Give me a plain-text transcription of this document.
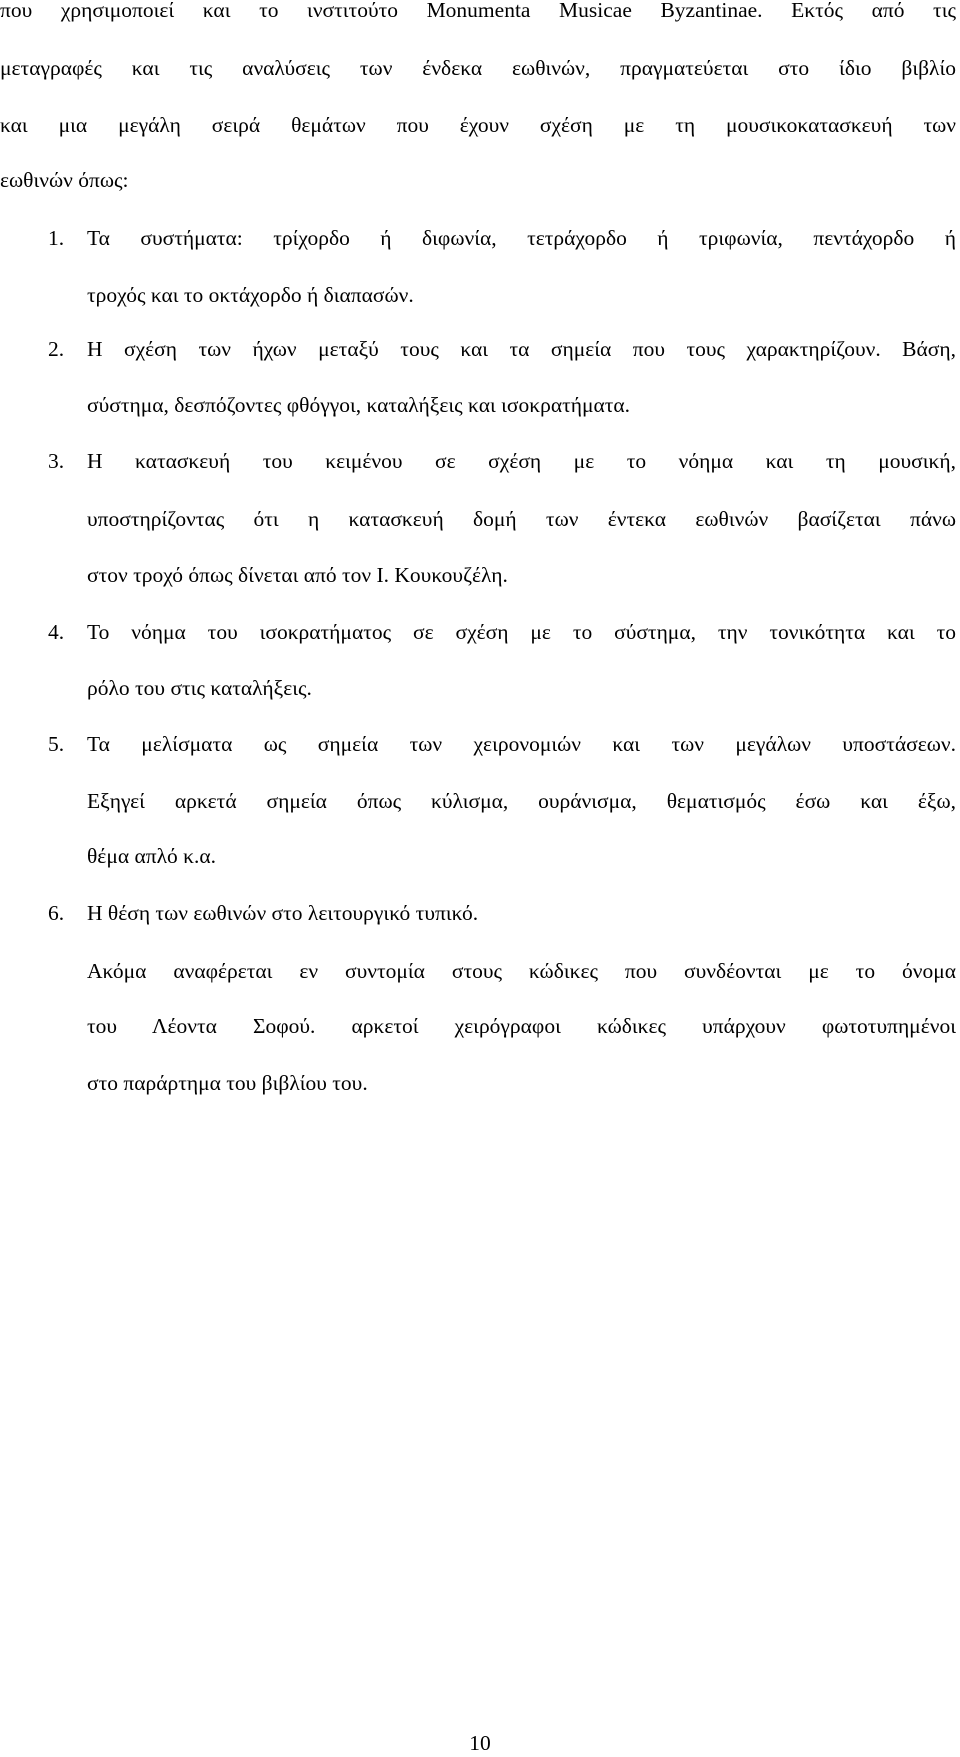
που χρησιμοποιεί και το ινστιτούτο Monumenta Musicae Byzantinae. Εκτός από τις
μεταγραφές και τις αναλύσεις των ένδεκα εωθινών, πραγματεύεται στο ίδιο βιβλίο
και μια μεγάλη σειρά θεμάτων που έχουν σχέση με τη μουσικοκατασκευή των
εωθινών όπως:
1. Τα συστήματα: τρίχορδο ή διφωνία, τετράχορδο ή τριφωνία, πεντάχορδο ή
τροχός και το οκτάχορδο ή διαπασών.
2. Η σχέση των ήχων μεταξύ τους και τα σημεία που τους χαρακτηρίζουν. Βάση,
σύστημα, δεσπόζοντες φθόγγοι, καταλήξεις και ισοκρατήματα.
3. Η κατασκευή του κειμένου σε σχέση με το νόημα και τη μουσική,
υποστηρίζοντας ότι η κατασκευή δομή των έντεκα εωθινών βασίζεται πάνω
στον τροχό όπως δίνεται από τον Ι. Κουκουζέλη.
4. Το νόημα του ισοκρατήματος σε σχέση με το σύστημα, την τονικότητα και το
ρόλο του στις καταλήξεις.
5. Τα μελίσματα ως σημεία των χειρονομιών και των μεγάλων υποστάσεων.
Εξηγεί αρκετά σημεία όπως κύλισμα, ουράνισμα, θεματισμός έσω και έξω,
θέμα απλό κ.α.
6. Η θέση των εωθινών στο λειτουργικό τυπικό.
Ακόμα αναφέρεται εν συντομία στους κώδικες που συνδέονται με το όνομα
του Λέοντα Σοφού. αρκετοί χειρόγραφοι κώδικες υπάρχουν φωτοτυπημένοι
στο παράρτημα του βιβλίου του.
10
